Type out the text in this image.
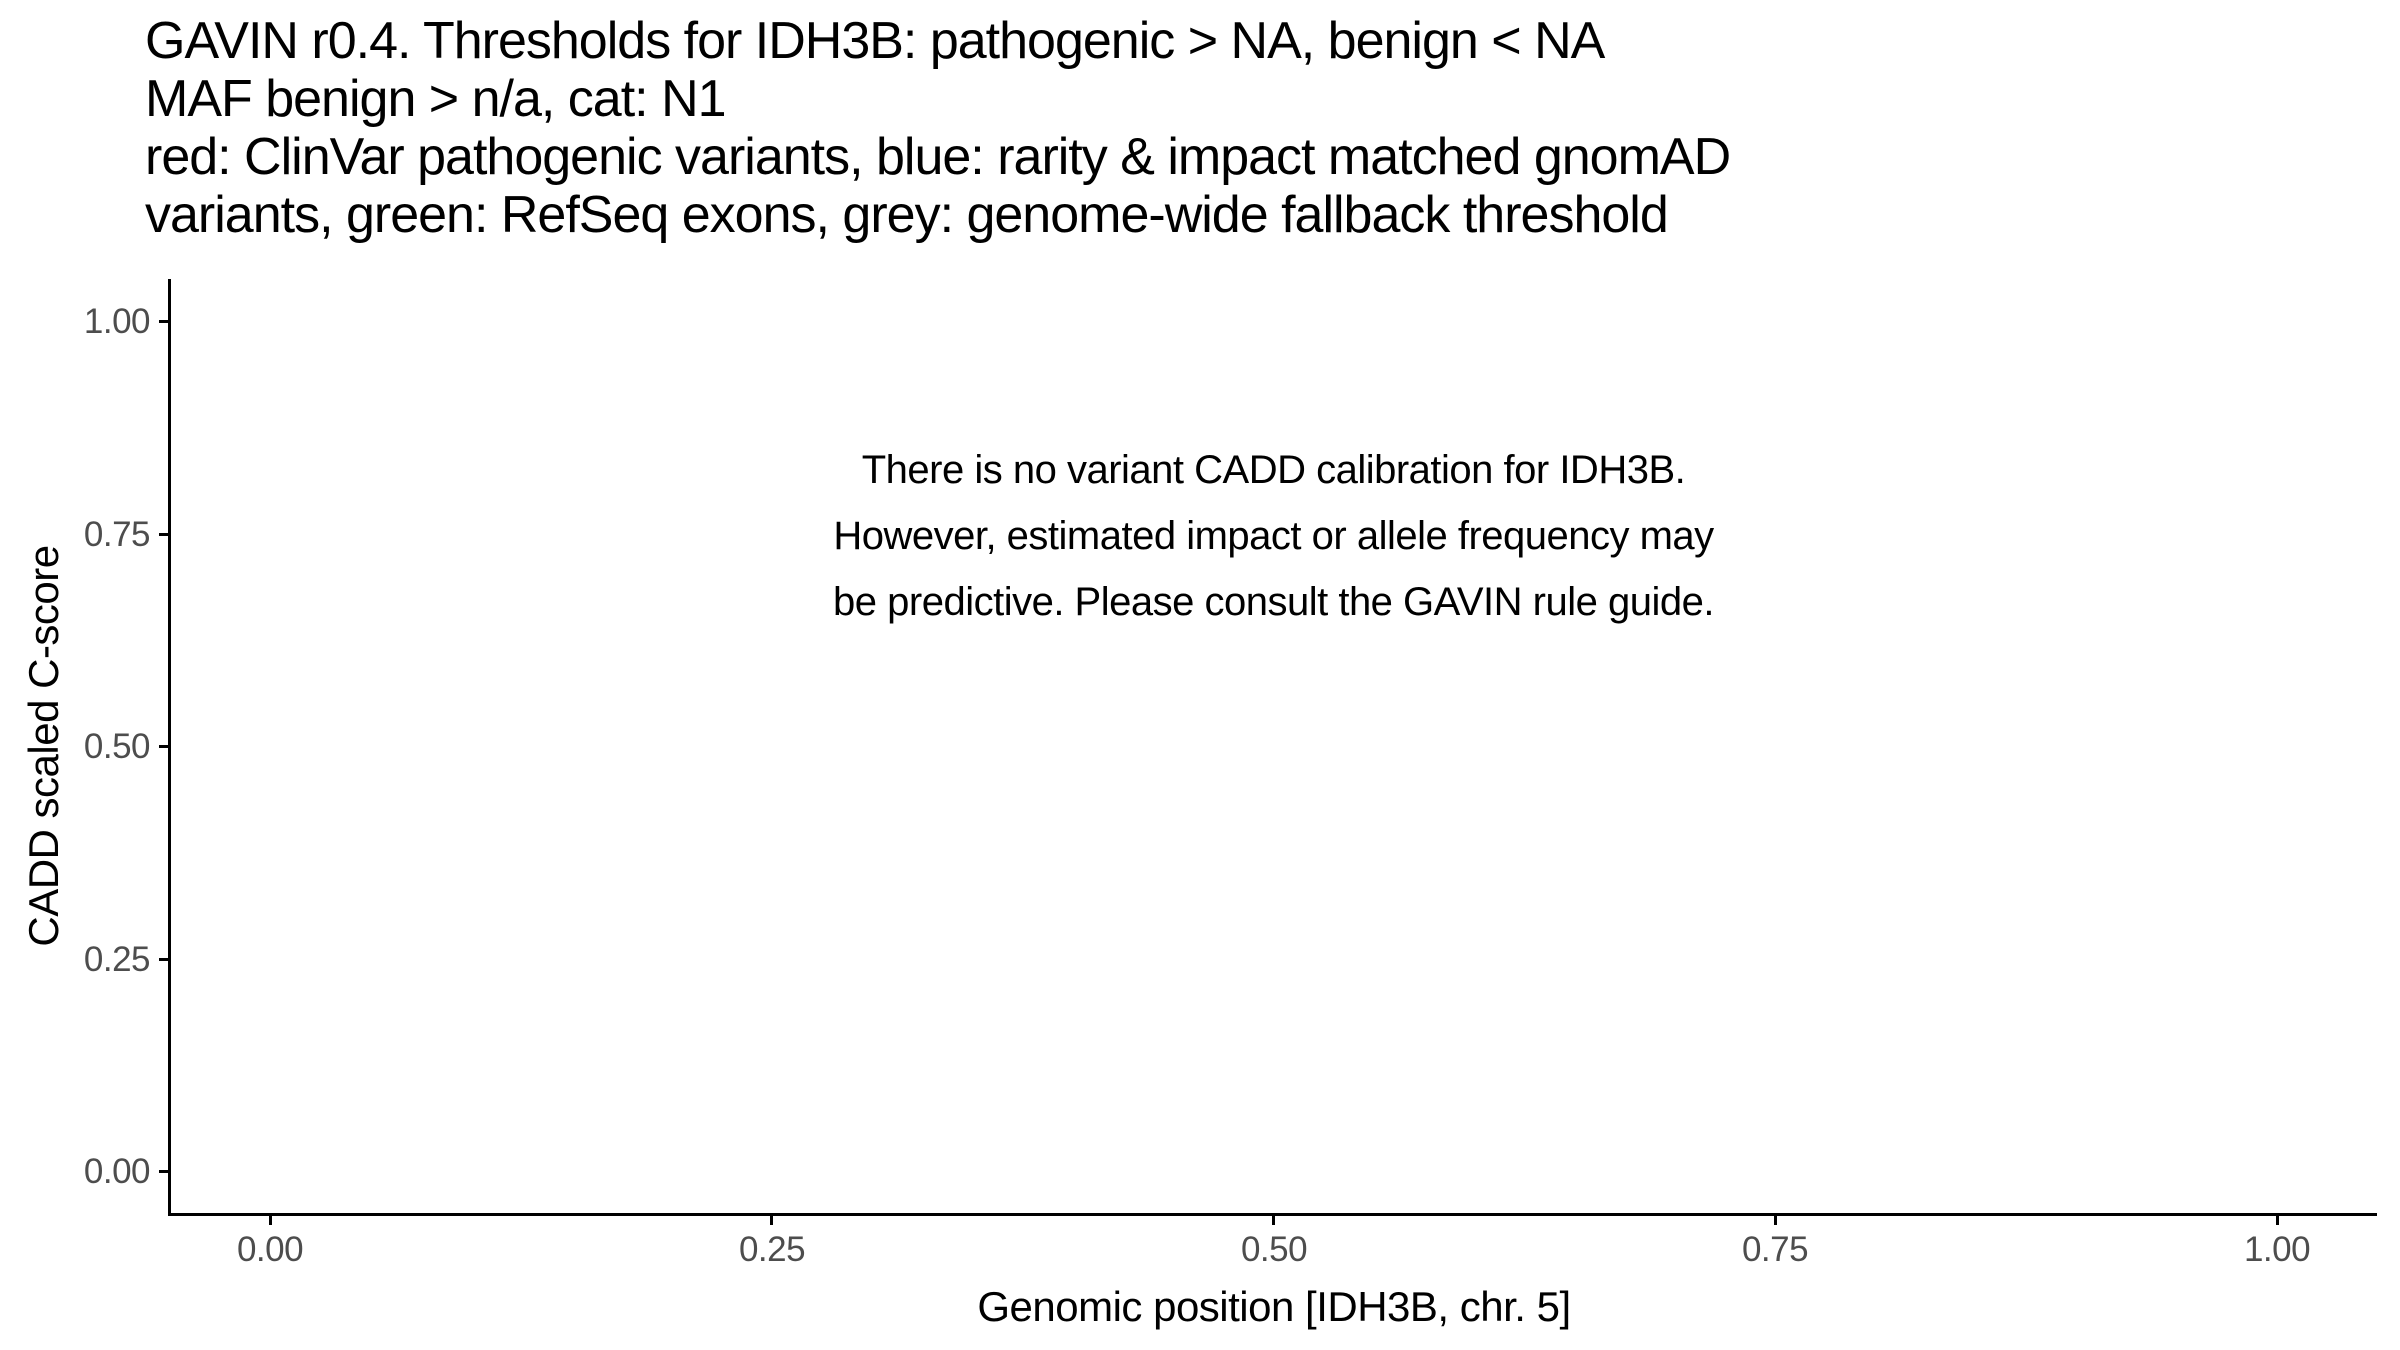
GAVIN r0.4. Thresholds for IDH3B: pathogenic > NA, benign < NA
MAF benign > n/a, cat: N1
red: ClinVar pathogenic variants, blue: rarity & impact matched gnomAD
variants, green: RefSeq exons, grey: genome-wide fallback threshold
There is no variant CADD calibration for IDH3B.
However, estimated impact or allele frequency may
be predictive. Please consult the GAVIN rule guide.
1.00
0.75
0.50
0.25
0.00
0.00	0.25	0.50	0.75	1.00
CADD scaled C-score
Genomic position [IDH3B, chr. 5]
